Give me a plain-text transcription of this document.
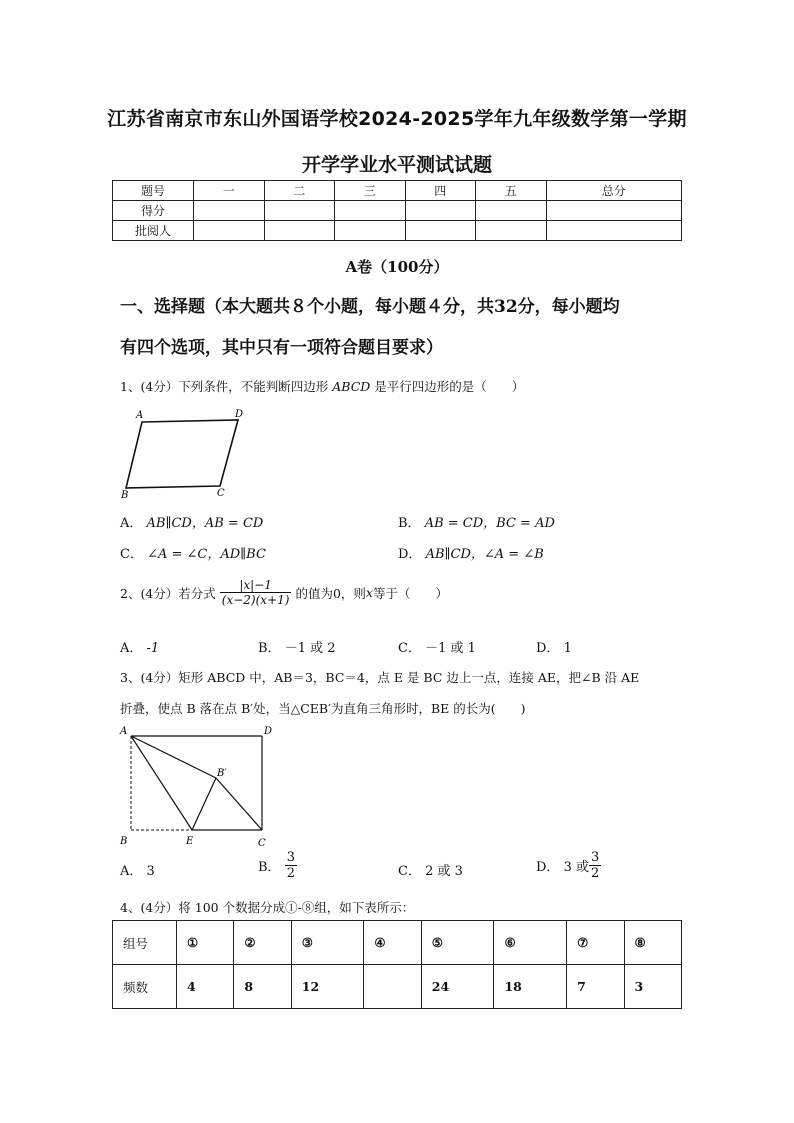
江苏省南京市东山外国语学校2024-2025学年九年级数学第一学期
开学学业水平测试试题
题号	一	二	三	四	五	总分
得分						
批阅人						
A卷（100分）
一、选择题（本大题共８个小题，每小题４分，共32分，每小题均
有四个选项，其中只有一项符合题目要求）
1、(4分）下列条件，不能判断四边形 ABCD 是平行四边形的是（　　）
A	D
B	C
A． AB∥CD，AB = CD	B． AB = CD，BC = AD
C． ∠A = ∠C，AD∥BC	D． AB∥CD，∠A = ∠B
2、(4分）若分式 $\frac{|x|-1}{(x-2)(x+1)}$ 的值为0，则 x 等于（　　）
A． -1	B． －1 或 2	C． －1 或 1	D． 1
3、(4分）矩形 ABCD 中，AB＝3，BC＝4，点 E 是 BC 边上一点，连接 AE，把∠B 沿 AE
折叠，使点 B 落在点 B′处，当△CEB′为直角三角形时，BE 的长为(　　)
A	D
B′
B	E	C
A． 3	B．
$\frac{3}{2}$	C． 2 或 3	D．
3 或 $\frac{3}{2}$
4、(4分）将 100 个数据分成①-⑧组，如下表所示：
组号	①	②	③	④	⑤	⑥	⑦	⑧
频数	4	8	12		24	18	7	3
